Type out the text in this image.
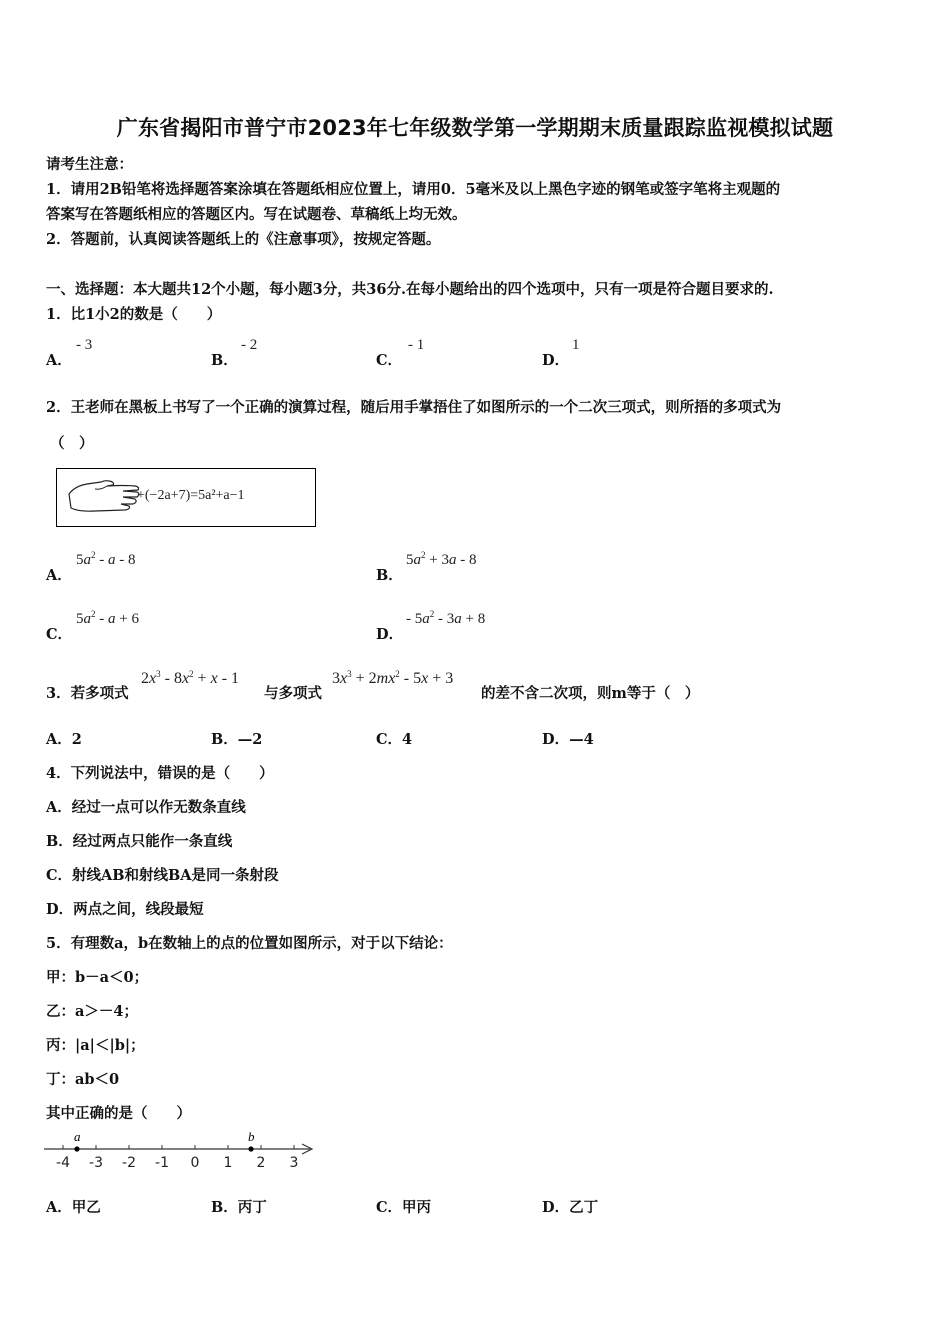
广东省揭阳市普宁市2023年七年级数学第一学期期末质量跟踪监视模拟试题
请考生注意：
1．请用2B铅笔将选择题答案涂填在答题纸相应位置上，请用0．5毫米及以上黑色字迹的钢笔或签字笔将主观题的
答案写在答题纸相应的答题区内。写在试题卷、草稿纸上均无效。
2．答题前，认真阅读答题纸上的《注意事项》，按规定答题。
一、选择题：本大题共12个小题，每小题3分，共36分.在每小题给出的四个选项中，只有一项是符合题目要求的.
1．比1小2的数是（　　）
A．
- 3
B．
- 2
C．
- 1
D．
1
2．王老师在黑板上书写了一个正确的演算过程，随后用手掌捂住了如图所示的一个二次三项式，则所捂的多项式为
（　）
+(−2a+7)=5a²+a−1
A．
$5a^2$ - a - 8
B．
$5a^2 + 3a - 8$
C．
$5a^2 - a + 6$
D．
- $5a^2 - 3a + 8$
3．若多项式
$2x^3 - 8x^2 + x - 1$
与多项式
$3x^3 + 2mx^2 - 5x + 3$
的差不含二次项，则m等于（　）
A．2	B．—2	C．4	D．—4
4．下列说法中，错误的是（　　）
A．经过一点可以作无数条直线
B．经过两点只能作一条直线
C．射线AB和射线BA是同一条射段
D．两点之间，线段最短
5．有理数a，b在数轴上的点的位置如图所示，对于以下结论：
甲：b－a＜0；
乙：a＞－4；
丙：|a|＜|b|；
丁：ab＜0
其中正确的是（　　）
-4 -3 -2 -1 0 1 2 3
a	b
A．甲乙	B．丙丁	C．甲丙	D．乙丁
